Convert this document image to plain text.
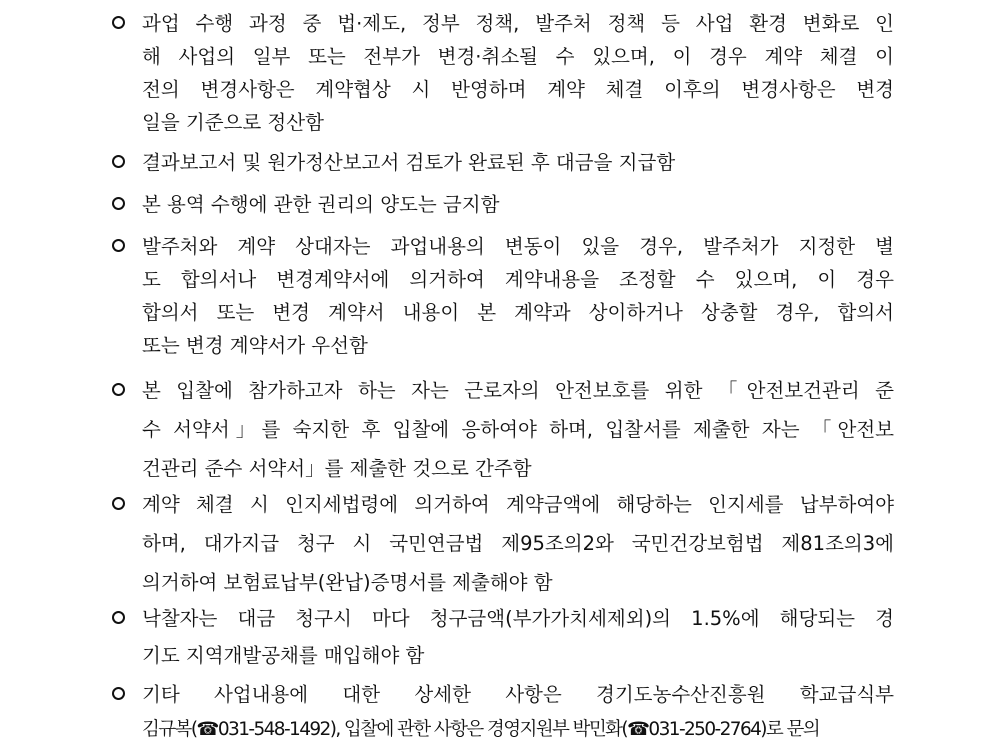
과업 수행 과정 중 법·제도, 정부 정책, 발주처 정책 등 사업 환경 변화로 인
해 사업의 일부 또는 전부가 변경·취소될 수 있으며, 이 경우 계약 체결 이
전의 변경사항은 계약협상 시 반영하며 계약 체결 이후의 변경사항은 변경
일을 기준으로 정산함
결과보고서 및 원가정산보고서 검토가 완료된 후 대금을 지급함
본 용역 수행에 관한 권리의 양도는 금지함
발주처와 계약 상대자는 과업내용의 변동이 있을 경우, 발주처가 지정한 별
도 합의서나 변경계약서에 의거하여 계약내용을 조정할 수 있으며, 이 경우
합의서 또는 변경 계약서 내용이 본 계약과 상이하거나 상충할 경우, 합의서
또는 변경 계약서가 우선함
본 입찰에 참가하고자 하는 자는 근로자의 안전보호를 위한 「안전보건관리 준
수 서약서」를 숙지한 후 입찰에 응하여야 하며, 입찰서를 제출한 자는 「안전보
건관리 준수 서약서」를 제출한 것으로 간주함
계약 체결 시 인지세법령에 의거하여 계약금액에 해당하는 인지세를 납부하여야
하며, 대가지급 청구 시 국민연금법 제95조의2와 국민건강보험법 제81조의3에
의거하여 보험료납부(완납)증명서를 제출해야 함
낙찰자는 대금 청구시 마다 청구금액(부가가치세제외)의 1.5%에 해당되는 경
기도 지역개발공채를 매입해야 함
기타 사업내용에 대한 상세한 사항은 경기도농수산진흥원 학교급식부
김규복(☎031-548-1492), 입찰에 관한 사항은 경영지원부 박민화(☎031-250-2764)로 문의
